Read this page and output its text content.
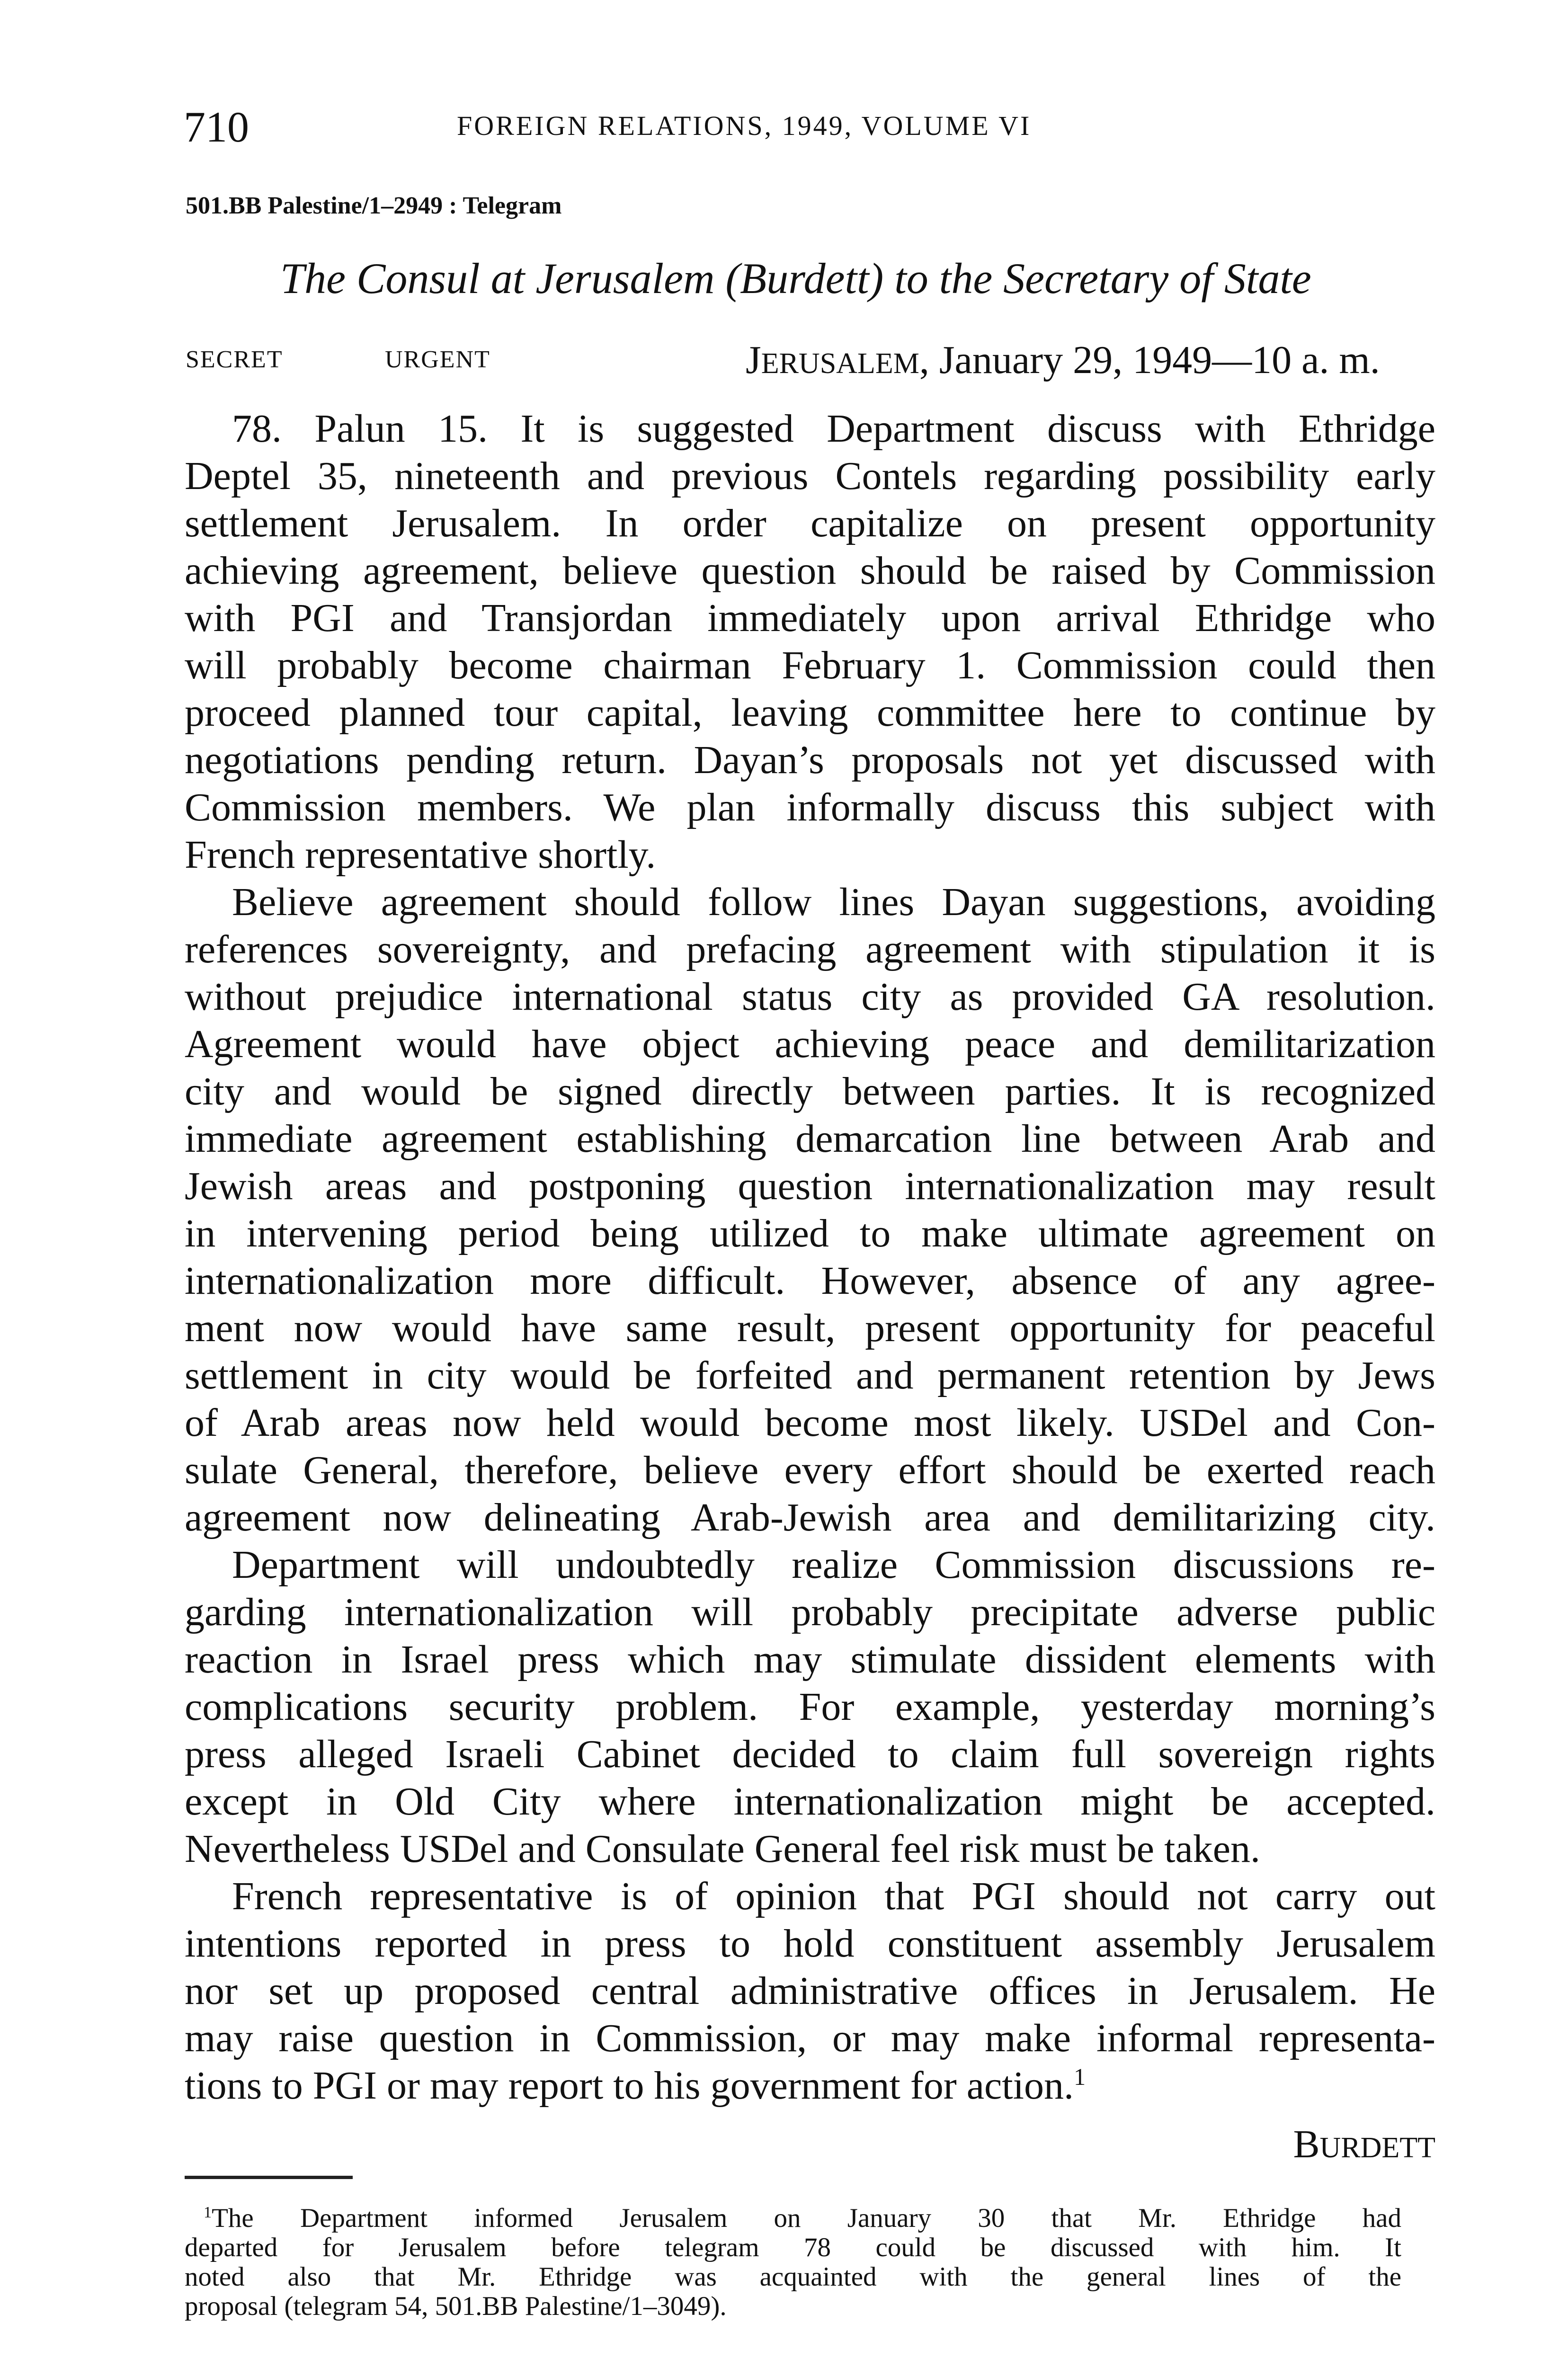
710	FOREIGN RELATIONS, 1949, VOLUME VI
501.BB Palestine/1–2949 : Telegram
The Consul at Jerusalem (Burdett) to the Secretary of State
SECRET	URGENT	JERUSALEM, January 29, 1949—10 a. m.
78. Palun 15. It is suggested Department discuss with Ethridge
Deptel 35, nineteenth and previous Contels regarding possibility early
settlement Jerusalem. In order capitalize on present opportunity
achieving agreement, believe question should be raised by Commission
with PGI and Transjordan immediately upon arrival Ethridge who
will probably become chairman February 1. Commission could then
proceed planned tour capital, leaving committee here to continue by
negotiations pending return. Dayan’s proposals not yet discussed with
Commission members. We plan informally discuss this subject with
French representative shortly.
Believe agreement should follow lines Dayan suggestions, avoiding
references sovereignty, and prefacing agreement with stipulation it is
without prejudice international status city as provided GA resolution.
Agreement would have object achieving peace and demilitarization
city and would be signed directly between parties. It is recognized
immediate agreement establishing demarcation line between Arab and
Jewish areas and postponing question internationalization may result
in intervening period being utilized to make ultimate agreement on
internationalization more difficult. However, absence of any agree-
ment now would have same result, present opportunity for peaceful
settlement in city would be forfeited and permanent retention by Jews
of Arab areas now held would become most likely. USDel and Con-
sulate General, therefore, believe every effort should be exerted reach
agreement now delineating Arab-Jewish area and demilitarizing city.
Department will undoubtedly realize Commission discussions re-
garding internationalization will probably precipitate adverse public
reaction in Israel press which may stimulate dissident elements with
complications security problem. For example, yesterday morning’s
press alleged Israeli Cabinet decided to claim full sovereign rights
except in Old City where internationalization might be accepted.
Nevertheless USDel and Consulate General feel risk must be taken.
French representative is of opinion that PGI should not carry out
intentions reported in press to hold constituent assembly Jerusalem
nor set up proposed central administrative offices in Jerusalem. He
may raise question in Commission, or may make informal representa-
tions to PGI or may report to his government for action.$^1$
BURDETT
$^1$The Department informed Jerusalem on January 30 that Mr. Ethridge had
departed for Jerusalem before telegram 78 could be discussed with him. It
noted also that Mr. Ethridge was acquainted with the general lines of the
proposal (telegram 54, 501.BB Palestine/1–3049).
